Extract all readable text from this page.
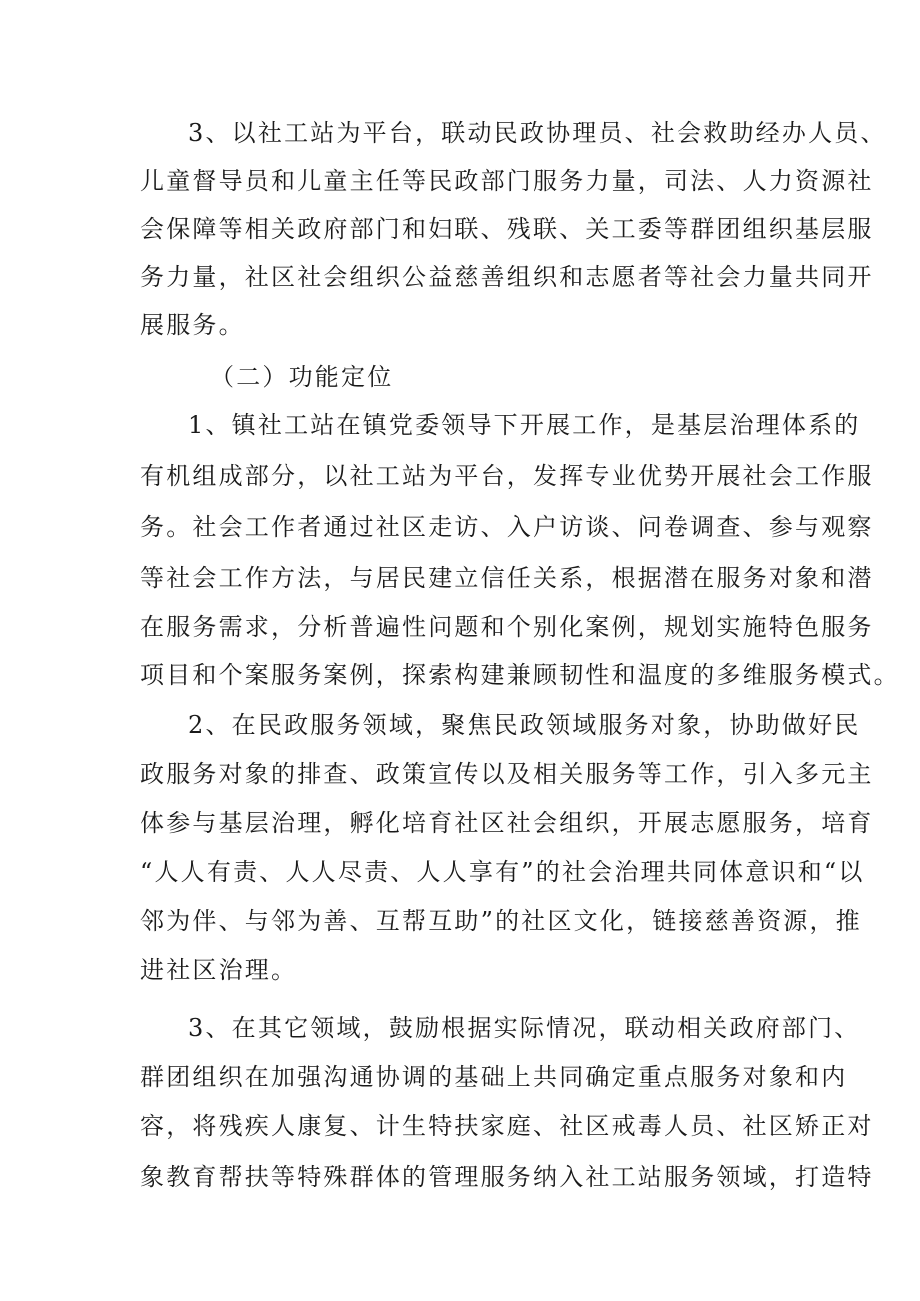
3、以社工站为平台，联动民政协理员、社会救助经办人员、
儿童督导员和儿童主任等民政部门服务力量，司法、人力资源社
会保障等相关政府部门和妇联、残联、关工委等群团组织基层服
务力量，社区社会组织公益慈善组织和志愿者等社会力量共同开
展服务。
（二）功能定位
1、镇社工站在镇党委领导下开展工作，是基层治理体系的
有机组成部分，以社工站为平台，发挥专业优势开展社会工作服
务。社会工作者通过社区走访、入户访谈、问卷调查、参与观察
等社会工作方法，与居民建立信任关系，根据潜在服务对象和潜
在服务需求，分析普遍性问题和个别化案例，规划实施特色服务
项目和个案服务案例，探索构建兼顾韧性和温度的多维服务模式。
2、在民政服务领域，聚焦民政领域服务对象，协助做好民
政服务对象的排查、政策宣传以及相关服务等工作，引入多元主
体参与基层治理，孵化培育社区社会组织，开展志愿服务，培育
“人人有责、人人尽责、人人享有”的社会治理共同体意识和“以
邻为伴、与邻为善、互帮互助”的社区文化，链接慈善资源，推
进社区治理。
3、在其它领域，鼓励根据实际情况，联动相关政府部门、
群团组织在加强沟通协调的基础上共同确定重点服务对象和内
容，将残疾人康复、计生特扶家庭、社区戒毒人员、社区矫正对
象教育帮扶等特殊群体的管理服务纳入社工站服务领域，打造特
